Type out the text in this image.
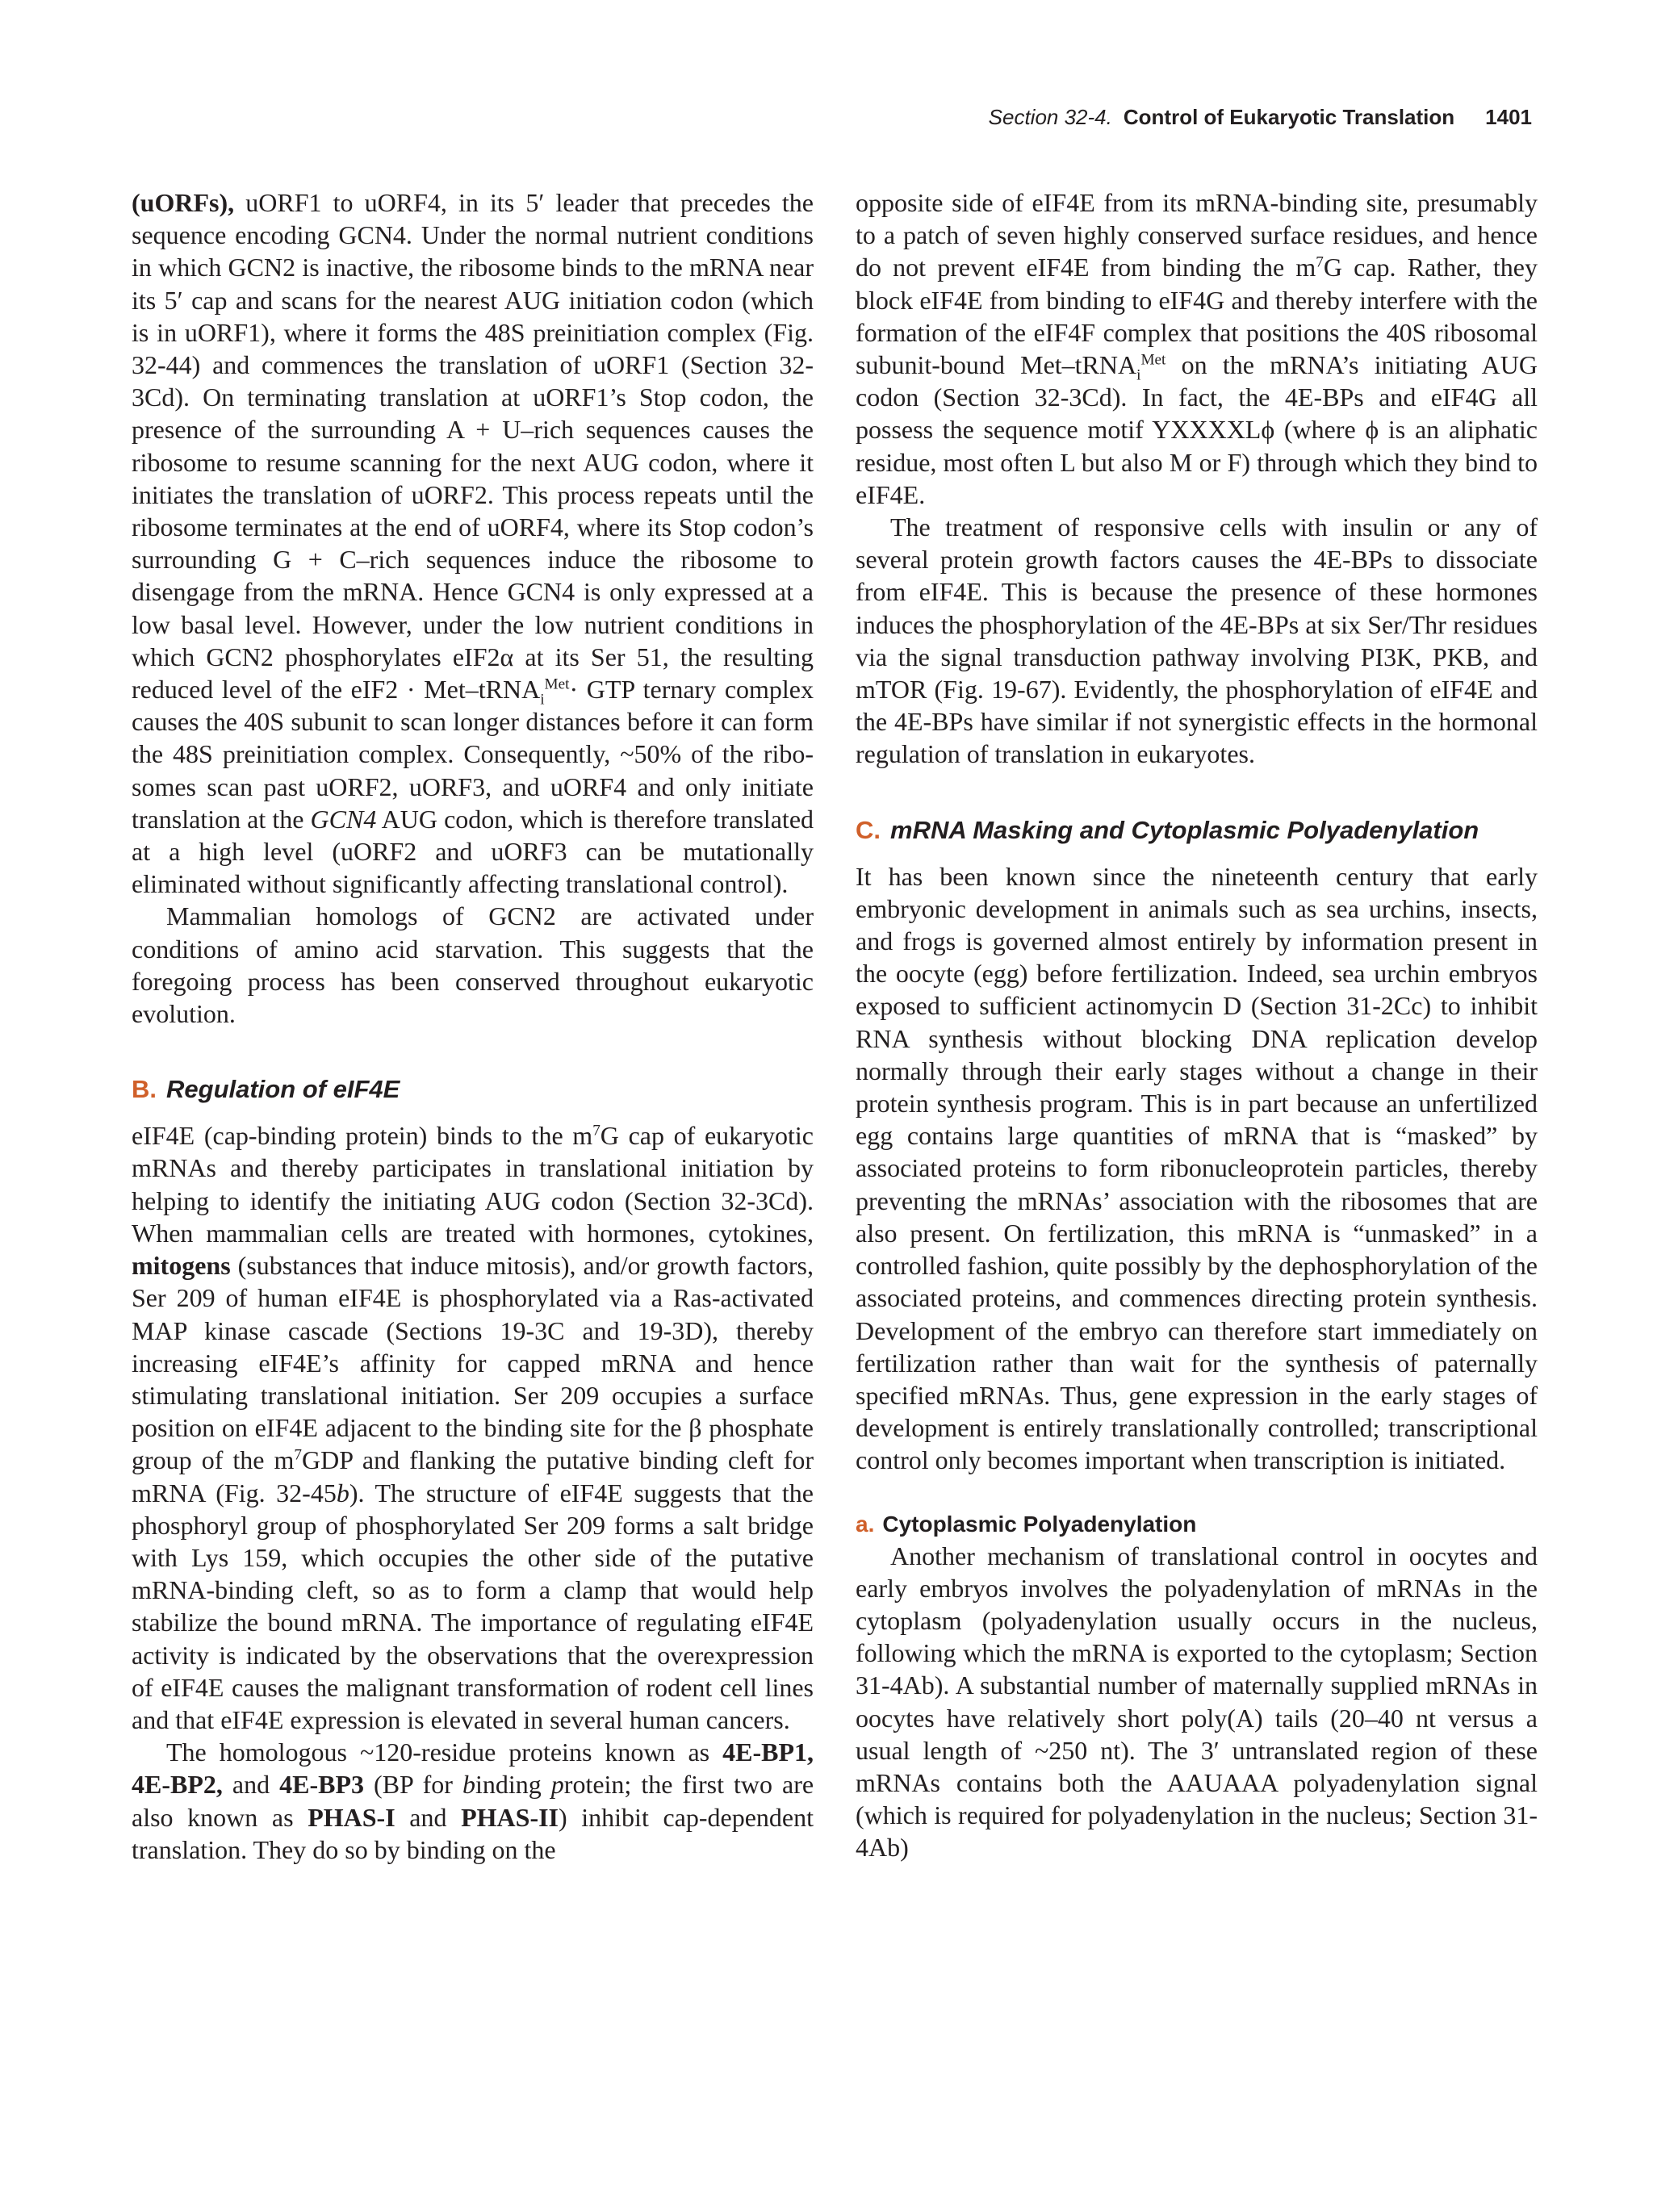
Section 32-4. Control of Eukaryotic Translation 1401

(uORFs), uORF1 to uORF4, in its 5′ leader that precedes the sequence encoding GCN4. Under the normal nutrient conditions in which GCN2 is inactive, the ribosome binds to the mRNA near its 5′ cap and scans for the nearest AUG initiation codon (which is in uORF1), where it forms the 48S preinitiation complex (Fig. 32-44) and commences the translation of uORF1 (Section 32-3Cd). On terminating translation at uORF1’s Stop codon, the presence of the surrounding A + U–rich sequences causes the ribosome to resume scanning for the next AUG codon, where it initiates the translation of uORF2. This process repeats until the ribosome terminates at the end of uORF4, where its Stop codon’s surrounding G + C–rich sequences induce the ribosome to disengage from the mRNA. Hence GCN4 is only expressed at a low basal level. However, under the low nutrient conditions in which GCN2 phosphorylates eIF2α at its Ser 51, the resulting reduced level of the eIF2 · Met–tRNA$_i^{Met}$· GTP ternary complex causes the 40S subunit to scan longer distances before it can form the 48S preinitiation complex. Consequently, ~50% of the ribosomes scan past uORF2, uORF3, and uORF4 and only initiate translation at the GCN4 AUG codon, which is therefore translated at a high level (uORF2 and uORF3 can be mutationally eliminated without significantly affecting translational control).

Mammalian homologs of GCN2 are activated under conditions of amino acid starvation. This suggests that the foregoing process has been conserved throughout eukaryotic evolution.

B. Regulation of eIF4E

eIF4E (cap-binding protein) binds to the $m^7G$ cap of eukaryotic mRNAs and thereby participates in translational initiation by helping to identify the initiating AUG codon (Section 32-3Cd). When mammalian cells are treated with hormones, cytokines, mitogens (substances that induce mitosis), and/or growth factors, Ser 209 of human eIF4E is phosphorylated via a Ras-activated MAP kinase cascade (Sections 19-3C and 19-3D), thereby increasing eIF4E’s affinity for capped mRNA and hence stimulating translational initiation. Ser 209 occupies a surface position on eIF4E adjacent to the binding site for the β phosphate group of the $m^7GDP$ and flanking the putative binding cleft for mRNA (Fig. 32-45b). The structure of eIF4E suggests that the phosphoryl group of phosphorylated Ser 209 forms a salt bridge with Lys 159, which occupies the other side of the putative mRNA-binding cleft, so as to form a clamp that would help stabilize the bound mRNA. The importance of regulating eIF4E activity is indicated by the observations that the overexpression of eIF4E causes the malignant transformation of rodent cell lines and that eIF4E expression is elevated in several human cancers.

The homologous ~120-residue proteins known as 4E-BP1, 4E-BP2, and 4E-BP3 (BP for binding protein; the first two are also known as PHAS-I and PHAS-II) inhibit cap-dependent translation. They do so by binding on the

opposite side of eIF4E from its mRNA-binding site, presumably to a patch of seven highly conserved surface residues, and hence do not prevent eIF4E from binding the $m^7G$ cap. Rather, they block eIF4E from binding to eIF4G and thereby interfere with the formation of the eIF4F complex that positions the 40S ribosomal subunit-bound Met–tRNA$_i^{Met}$ on the mRNA’s initiating AUG codon (Section 32-3Cd). In fact, the 4E-BPs and eIF4G all possess the sequence motif YXXXXLϕ (where ϕ is an aliphatic residue, most often L but also M or F) through which they bind to eIF4E.

The treatment of responsive cells with insulin or any of several protein growth factors causes the 4E-BPs to dissociate from eIF4E. This is because the presence of these hormones induces the phosphorylation of the 4E-BPs at six Ser/Thr residues via the signal transduction pathway involving PI3K, PKB, and mTOR (Fig. 19-67). Evidently, the phosphorylation of eIF4E and the 4E-BPs have similar if not synergistic effects in the hormonal regulation of translation in eukaryotes.

C. mRNA Masking and Cytoplasmic Polyadenylation

It has been known since the nineteenth century that early embryonic development in animals such as sea urchins, insects, and frogs is governed almost entirely by information present in the oocyte (egg) before fertilization. Indeed, sea urchin embryos exposed to sufficient actinomycin D (Section 31-2Cc) to inhibit RNA synthesis without blocking DNA replication develop normally through their early stages without a change in their protein synthesis program. This is in part because an unfertilized egg contains large quantities of mRNA that is “masked” by associated proteins to form ribonucleoprotein particles, thereby preventing the mRNAs’ association with the ribosomes that are also present. On fertilization, this mRNA is “unmasked” in a controlled fashion, quite possibly by the dephosphorylation of the associated proteins, and commences directing protein synthesis. Development of the embryo can therefore start immediately on fertilization rather than wait for the synthesis of paternally specified mRNAs. Thus, gene expression in the early stages of development is entirely translationally controlled; transcriptional control only becomes important when transcription is initiated.

a. Cytoplasmic Polyadenylation

Another mechanism of translational control in oocytes and early embryos involves the polyadenylation of mRNAs in the cytoplasm (polyadenylation usually occurs in the nucleus, following which the mRNA is exported to the cytoplasm; Section 31-4Ab). A substantial number of maternally supplied mRNAs in oocytes have relatively short poly(A) tails (20–40 nt versus a usual length of ~250 nt). The 3′ untranslated region of these mRNAs contains both the AAUAAA polyadenylation signal (which is required for polyadenylation in the nucleus; Section 31-4Ab)
